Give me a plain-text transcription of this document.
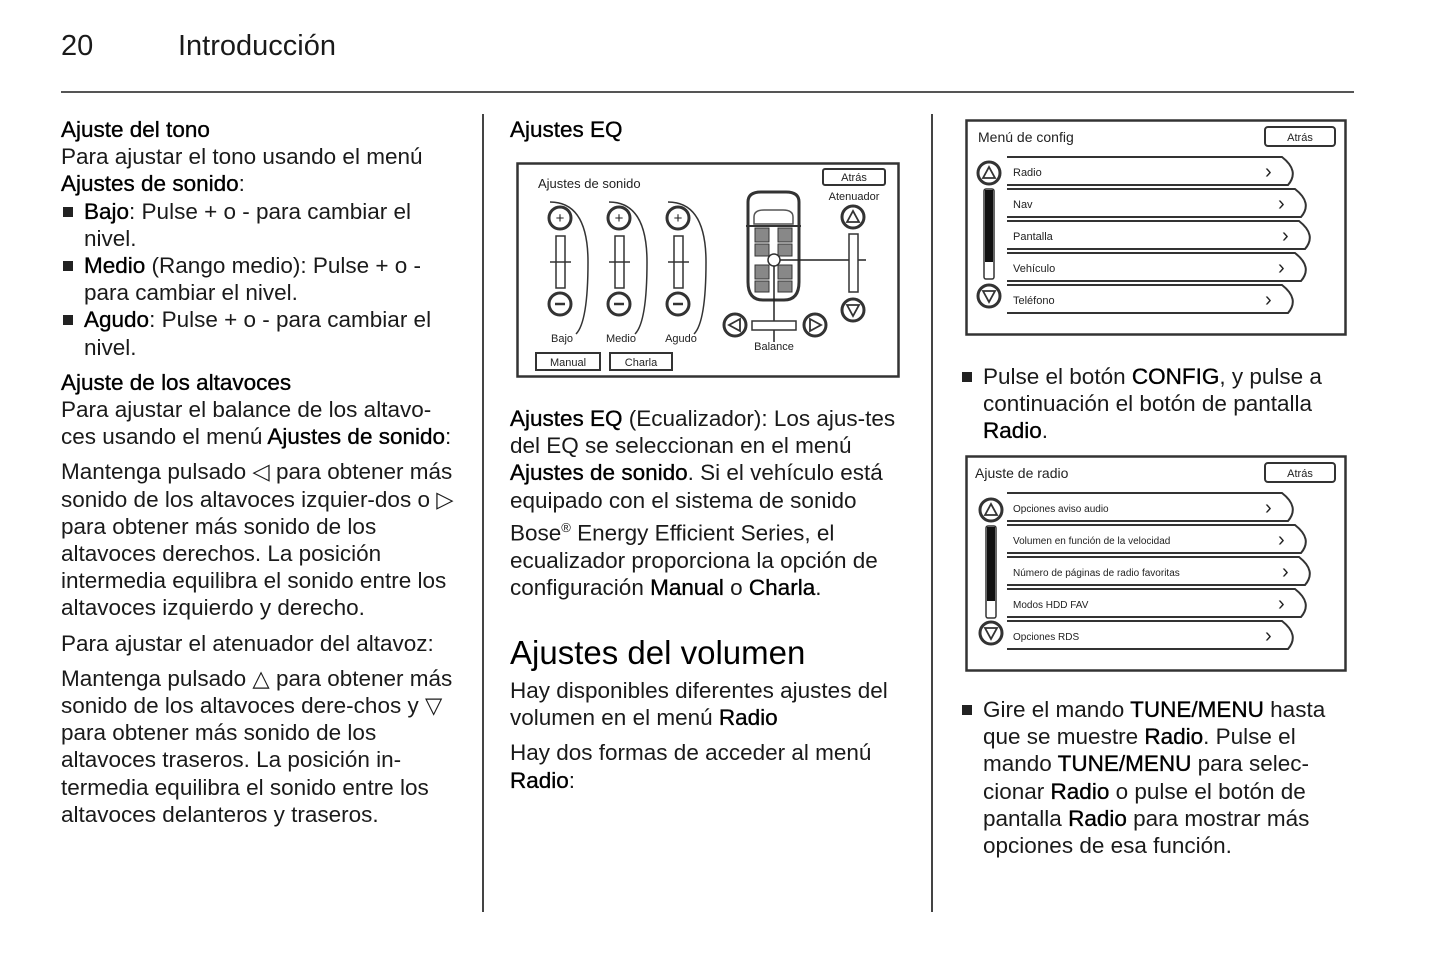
20	Introducción

Ajuste del tono

Para ajustar el tono usando el menú
Ajustes de sonido:

Bajo: Pulse + o - para cambiar el nivel.

Medio (Rango medio): Pulse + o - para cambiar el nivel.

Agudo: Pulse + o - para cambiar el nivel.

Ajuste de los altavoces

Para ajustar el balance de los altavo-ces usando el menú Ajustes de sonido:

Mantenga pulsado ◁ para obtener más sonido de los altavoces izquier-dos o ▷ para obtener más sonido de los altavoces derechos. La posición intermedia equilibra el sonido entre los altavoces izquierdo y derecho.

Para ajustar el atenuador del altavoz:

Mantenga pulsado △ para obtener más sonido de los altavoces dere-chos y ▽ para obtener más sonido de los altavoces traseros. La posición in-termedia equilibra el sonido entre los altavoces delanteros y traseros.

Ajustes EQ

Ajustes de sonido	Atrás
Atenuador
+
Bajo
+
Medio
+
Agudo
Balance
Manual	Charla

Ajustes EQ (Ecualizador): Los ajus-tes del EQ se seleccionan en el menú Ajustes de sonido. Si el vehículo está equipado con el sistema de sonido Bose® Energy Efficient Series, el ecualizador proporciona la opción de configuración Manual o Charla.

Ajustes del volumen

Hay disponibles diferentes ajustes del volumen en el menú Radio

Hay dos formas de acceder al menú Radio:

Menú de config	Atrás
Radio	›
Nav	›
Pantalla	›
Vehículo	›
Teléfono	›

Pulse el botón CONFIG, y pulse a continuación el botón de pantalla Radio.

Ajuste de radio	Atrás
Opciones aviso audio	›
Volumen en función de la velocidad	›
Número de páginas de radio favoritas	›
Modos HDD FAV	›
Opciones RDS	›

Gire el mando TUNE/MENU hasta que se muestre Radio. Pulse el mando TUNE/MENU para selec-cionar Radio o pulse el botón de pantalla Radio para mostrar más opciones de esa función.
